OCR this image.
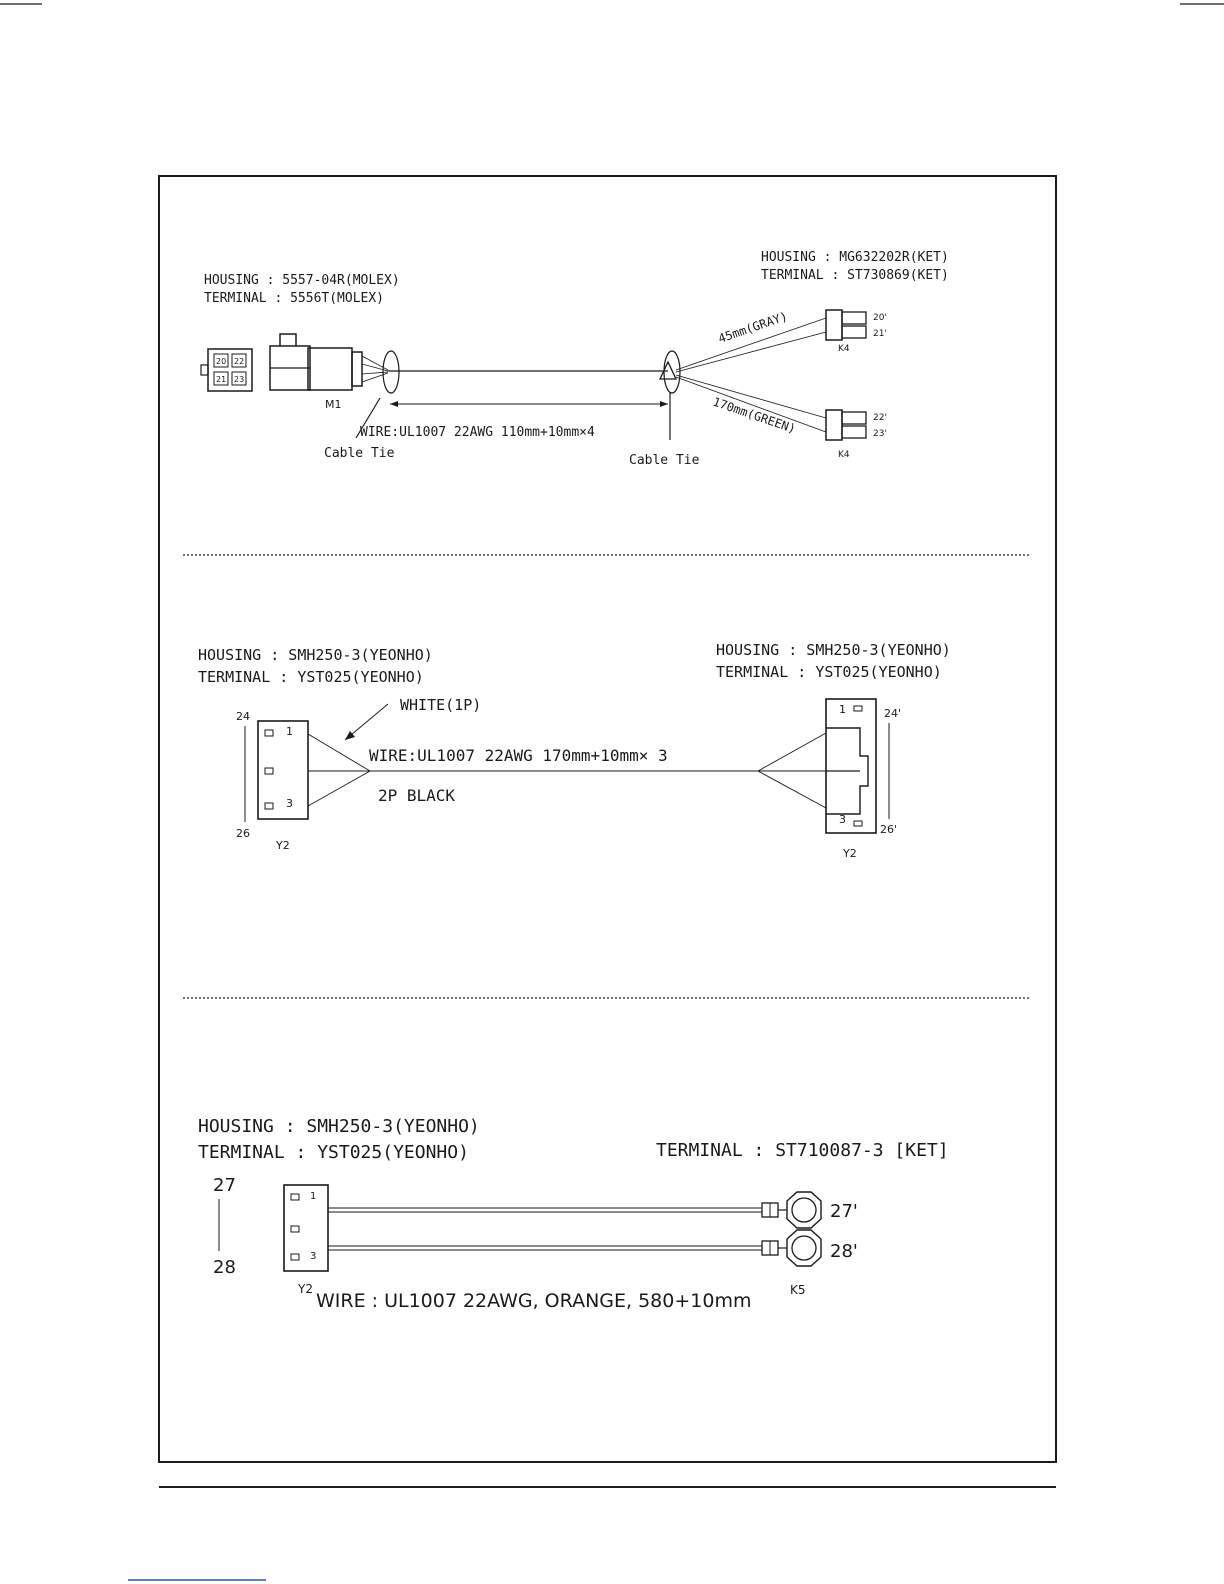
HOUSING : 5557-04R(MOLEX)
TERMINAL : 5556T(MOLEX)
HOUSING : MG632202R(KET)
TERMINAL : ST730869(KET)
20 22
21 23
M1
Cable Tie
WIRE:UL1007 22AWG 110mm+10mm×4
Cable Tie
45mm(GRAY)
170mm(GREEN)
20'
21'
K4
22'
23'
K4
HOUSING : SMH250-3(YEONHO)
TERMINAL : YST025(YEONHO)
HOUSING : SMH250-3(YEONHO)
TERMINAL : YST025(YEONHO)
24
26
1
3
Y2
WHITE(1P)
WIRE:UL1007 22AWG 170mm+10mm× 3
2P BLACK
1
3
Y2
24'
26'
HOUSING : SMH250-3(YEONHO)
TERMINAL : YST025(YEONHO)	TERMINAL : ST710087-3 [KET]
27
28
1
3
Y2
27'
28'
WIRE : UL1007 22AWG, ORANGE, 580+10mm	K5
